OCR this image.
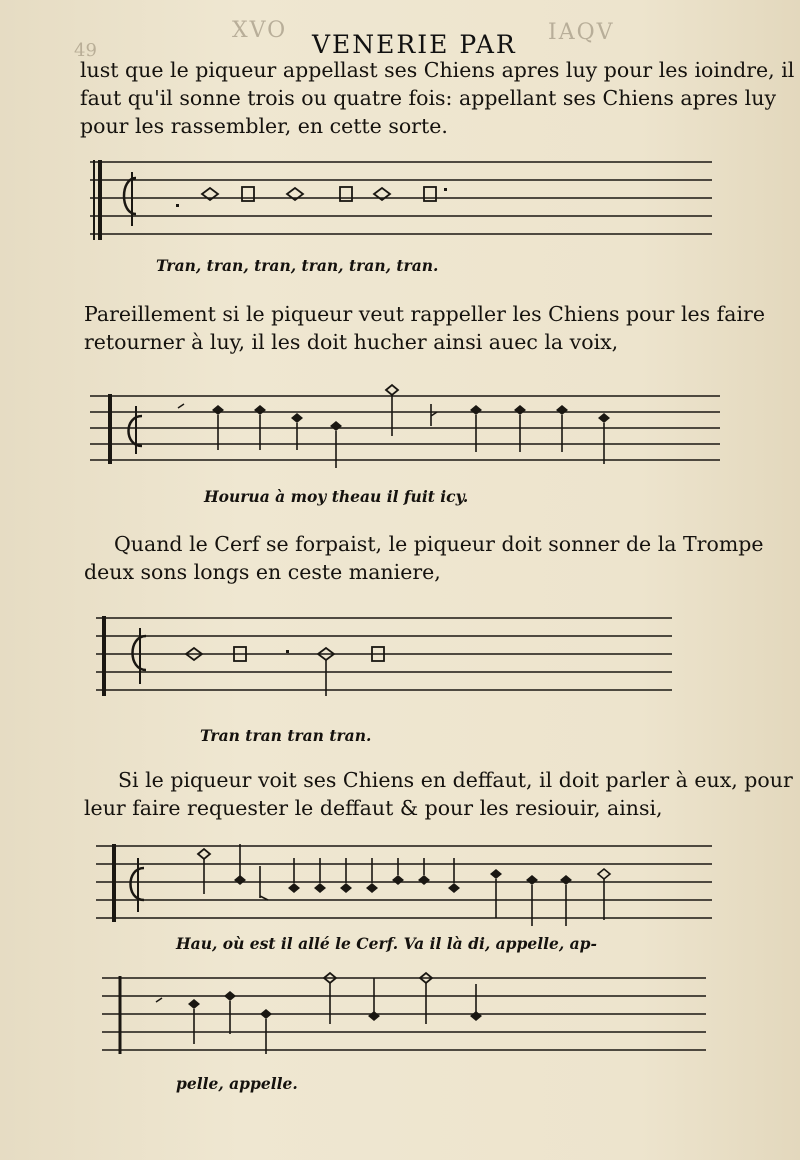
49
XVO VENERIE PAR IAQV

lust que le piqueur appellast ses Chiens apres luy pour les ioindre, il

faut qu'il sonne trois ou quatre fois: appellant ses Chiens apres luy

pour les rassembler, en cette sorte.

Tran, tran, tran, tran, tran, tran.

Pareillement si le piqueur veut rappeller les Chiens pour les faire

retourner à luy, il les doit hucher ainsi auec la voix,

Hourua à moy theau il fuit icy.

Quand le Cerf se forpaist, le piqueur doit sonner de la Trompe

deux sons longs en ceste maniere,

Tran tran tran tran.

Si le piqueur voit ses Chiens en deffaut, il doit parler à eux, pour

leur faire requester le deffaut & pour les resiouir, ainsi,

Hau, où est il allé le Cerf. Va il là di, appelle, ap-
pelle, appelle.
